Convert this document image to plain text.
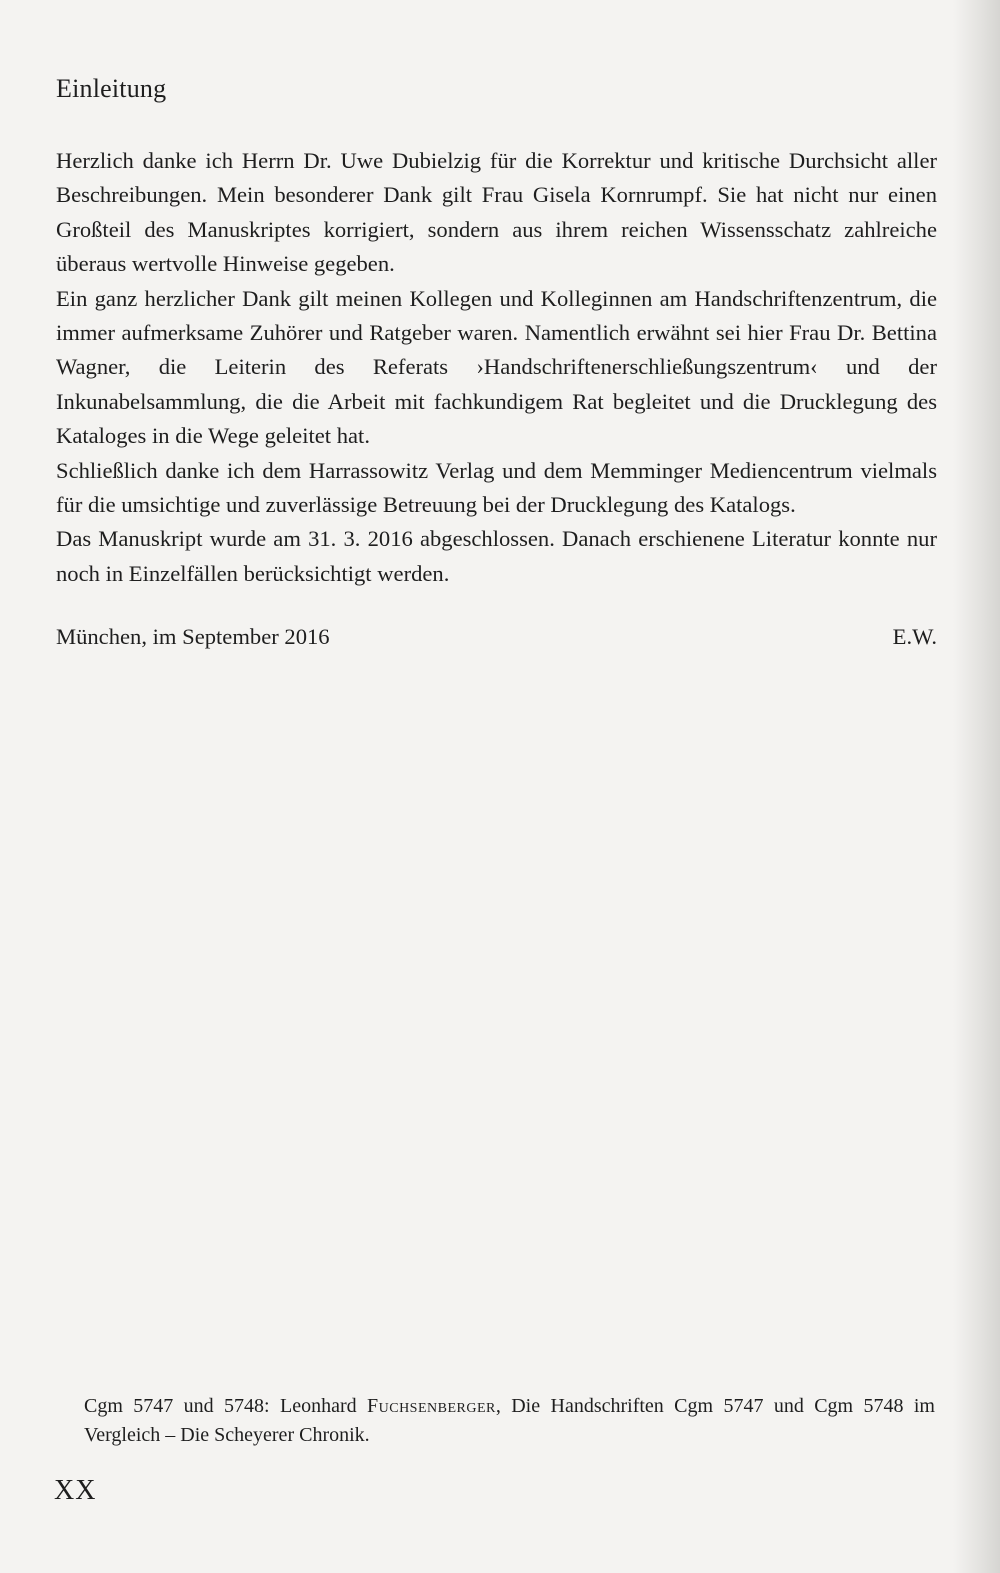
Einleitung

Herzlich danke ich Herrn Dr. Uwe Dubielzig für die Korrektur und kritische Durchsicht aller Beschreibungen. Mein besonderer Dank gilt Frau Gisela Kornrumpf. Sie hat nicht nur einen Großteil des Manuskriptes korrigiert, sondern aus ihrem reichen Wissensschatz zahlreiche überaus wertvolle Hinweise gegeben.

Ein ganz herzlicher Dank gilt meinen Kollegen und Kolleginnen am Handschriftenzentrum, die immer aufmerksame Zuhörer und Ratgeber waren. Namentlich erwähnt sei hier Frau Dr. Bettina Wagner, die Leiterin des Referats ›Handschriftenerschließungszentrum‹ und der Inkunabelsammlung, die die Arbeit mit fachkundigem Rat begleitet und die Drucklegung des Kataloges in die Wege geleitet hat.

Schließlich danke ich dem Harrassowitz Verlag und dem Memminger Mediencentrum vielmals für die umsichtige und zuverlässige Betreuung bei der Drucklegung des Katalogs.

Das Manuskript wurde am 31. 3. 2016 abgeschlossen. Danach erschienene Literatur konnte nur noch in Einzelfällen berücksichtigt werden.

München, im September 2016	E.W.
Cgm 5747 und 5748: Leonhard Fuchsenberger, Die Handschriften Cgm 5747 und Cgm 5748 im Vergleich – Die Scheyerer Chronik.
XX
